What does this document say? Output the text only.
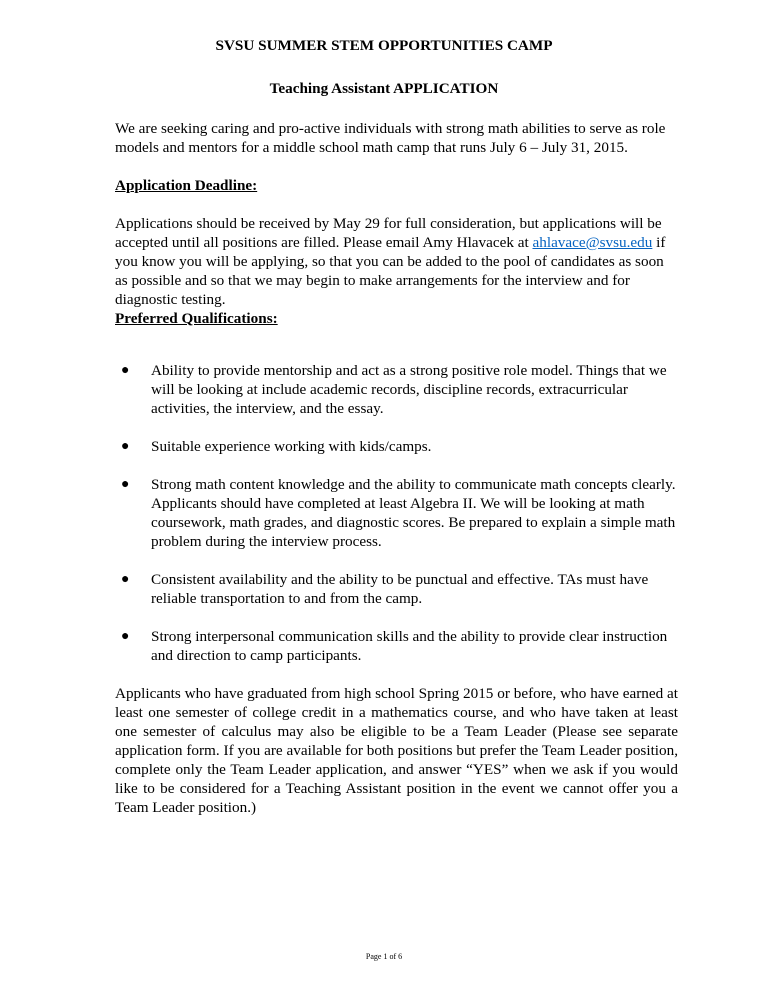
SVSU SUMMER STEM OPPORTUNITIES CAMP
Teaching Assistant APPLICATION
We are seeking caring and pro-active individuals with strong math abilities to serve as role models and mentors for a middle school math camp that runs July 6 – July 31, 2015.
Application Deadline:
Applications should be received by May 29 for full consideration, but applications will be accepted until all positions are filled. Please email Amy Hlavacek at ahlavace@svsu.edu if you know you will be applying, so that you can be added to the pool of candidates as soon as possible and so that we may begin to make arrangements for the interview and for diagnostic testing.
Preferred Qualifications:
● Ability to provide mentorship and act as a strong positive role model. Things that we will be looking at include academic records, discipline records, extracurricular activities, the interview, and the essay.
● Suitable experience working with kids/camps.
● Strong math content knowledge and the ability to communicate math concepts clearly. Applicants should have completed at least Algebra II. We will be looking at math coursework, math grades, and diagnostic scores. Be prepared to explain a simple math problem during the interview process.
● Consistent availability and the ability to be punctual and effective. TAs must have reliable transportation to and from the camp.
● Strong interpersonal communication skills and the ability to provide clear instruction and direction to camp participants.
Applicants who have graduated from high school Spring 2015 or before, who have earned at least one semester of college credit in a mathematics course, and who have taken at least one semester of calculus may also be eligible to be a Team Leader (Please see separate application form. If you are available for both positions but prefer the Team Leader position, complete only the Team Leader application, and answer “YES” when we ask if you would like to be considered for a Teaching Assistant position in the event we cannot offer you a Team Leader position.)
Page 1 of 6
